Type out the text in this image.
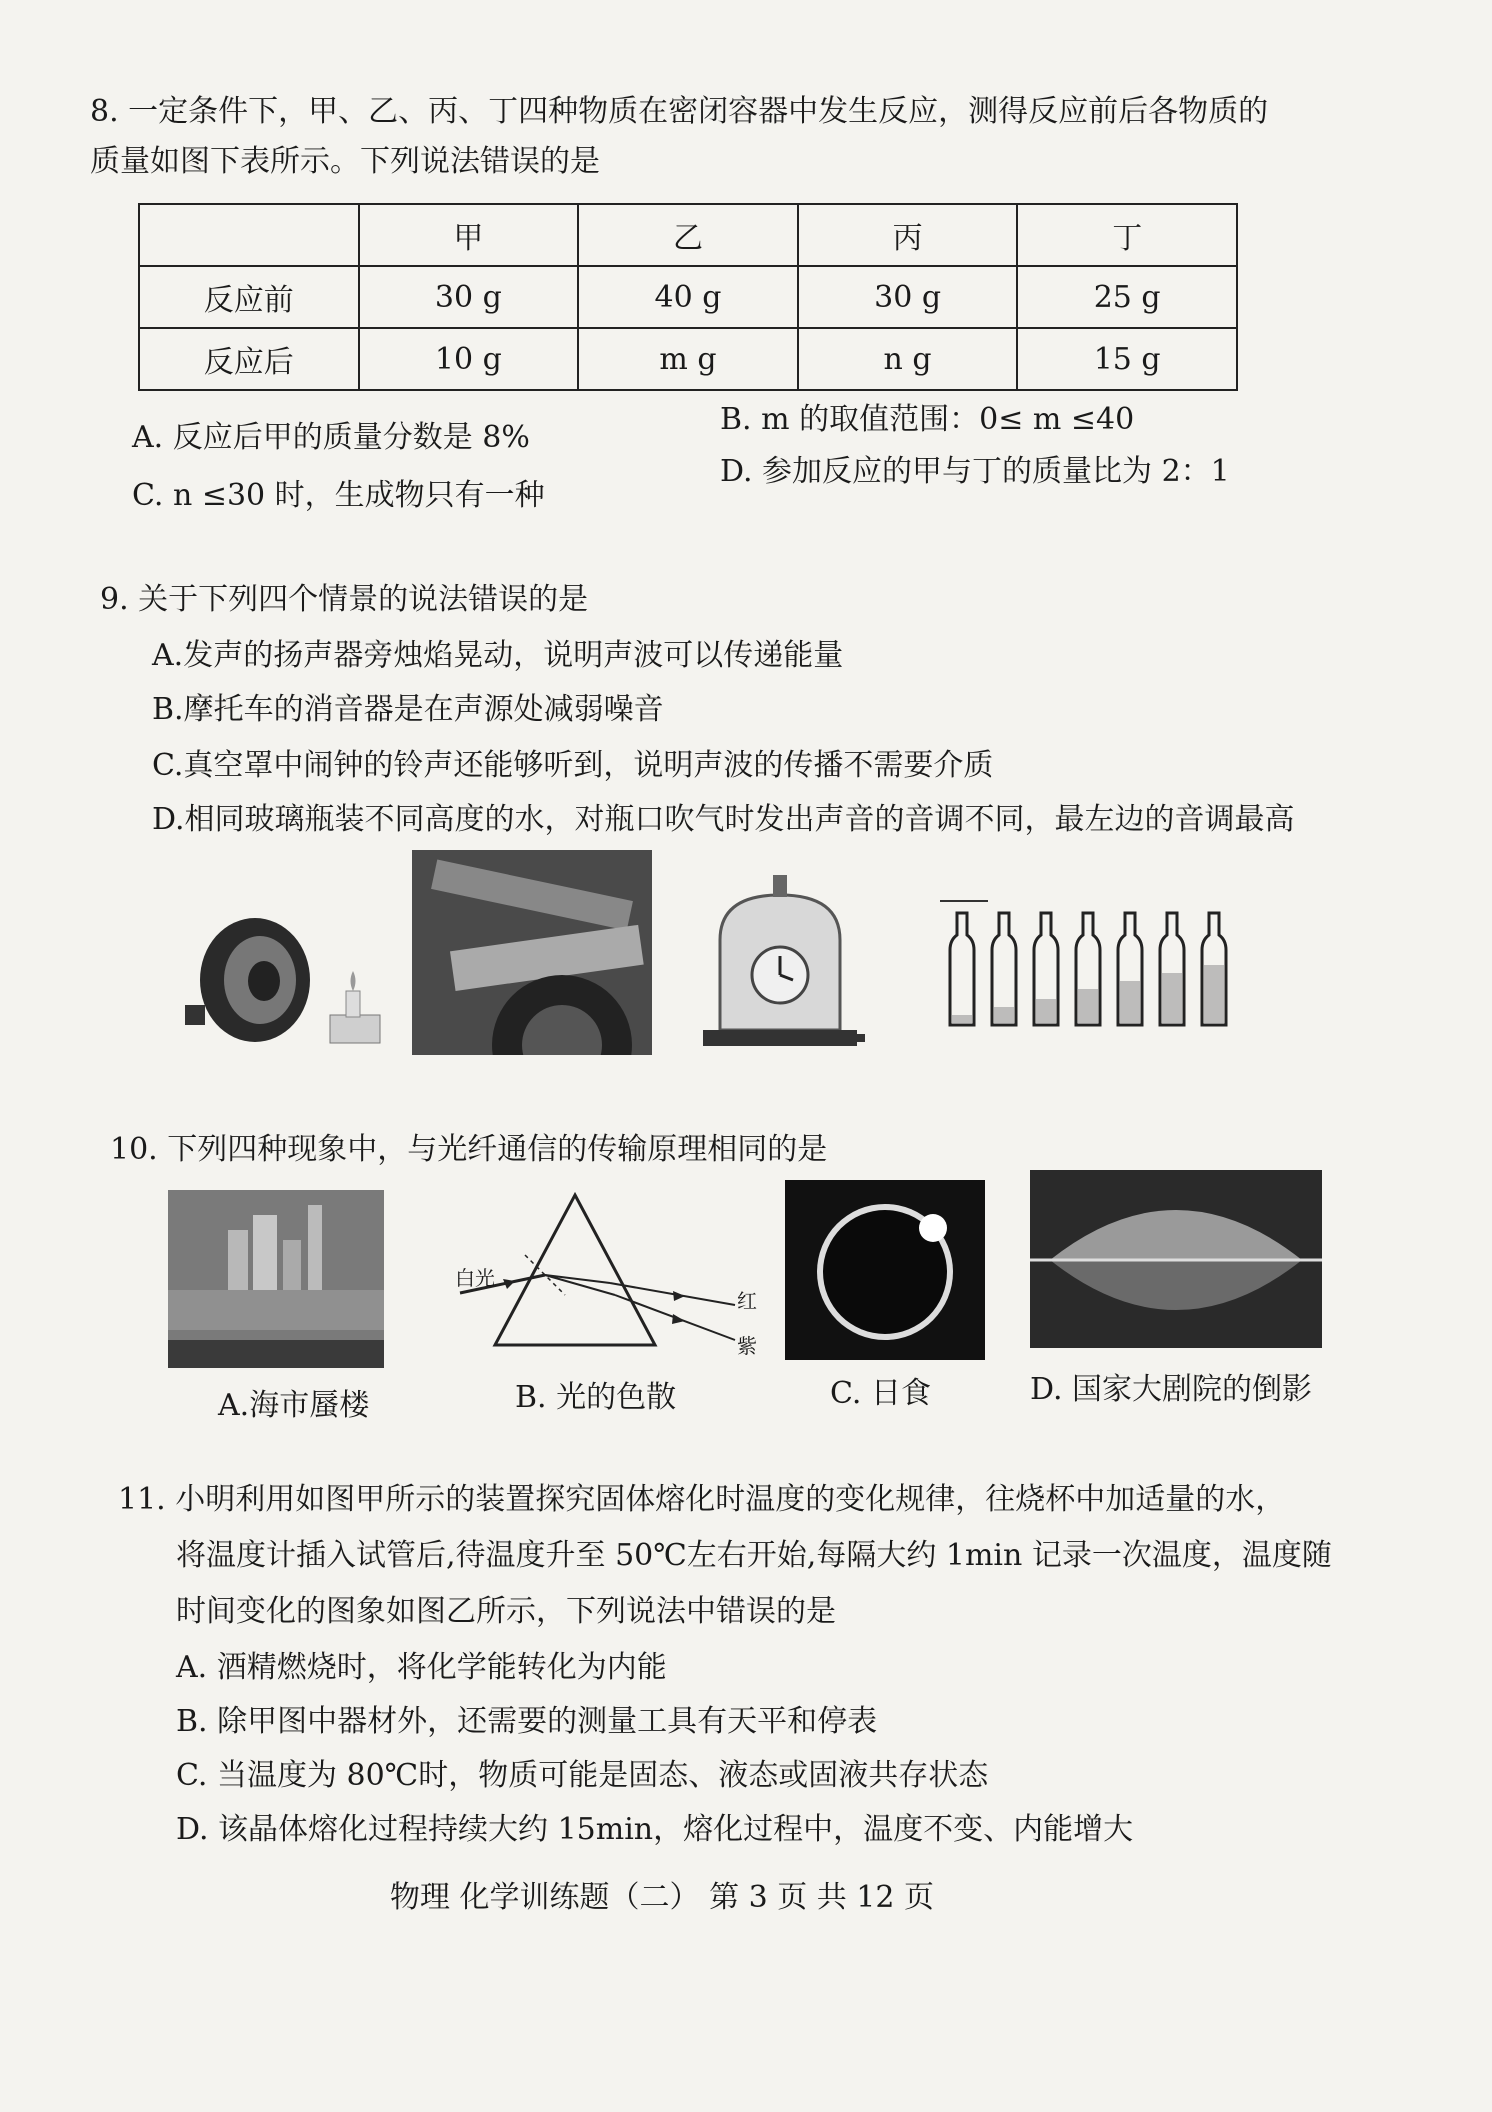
8. 一定条件下，甲、乙、丙、丁四种物质在密闭容器中发生反应，测得反应前后各物质的
质量如图下表所示。下列说法错误的是
	甲	乙	丙	丁
反应前	30 g	40 g	30 g	25 g
反应后	10 g	m g	n g	15 g
A. 反应后甲的质量分数是 8%
B. m 的取值范围：0≤ m ≤40
C. n ≤30 时，生成物只有一种
D. 参加反应的甲与丁的质量比为 2：1
9. 关于下列四个情景的说法错误的是
A.发声的扬声器旁烛焰晃动，说明声波可以传递能量
B.摩托车的消音器是在声源处减弱噪音
C.真空罩中闹钟的铃声还能够听到，说明声波的传播不需要介质
D.相同玻璃瓶装不同高度的水，对瓶口吹气时发出声音的音调不同，最左边的音调最高
10. 下列四种现象中，与光纤通信的传输原理相同的是
白光
红
紫
A.海市蜃楼	B. 光的色散	C. 日食	D. 国家大剧院的倒影
11. 小明利用如图甲所示的装置探究固体熔化时温度的变化规律，往烧杯中加适量的水，
将温度计插入试管后,待温度升至 50℃左右开始,每隔大约 1min 记录一次温度，温度随
时间变化的图象如图乙所示，下列说法中错误的是
A. 酒精燃烧时，将化学能转化为内能
B. 除甲图中器材外，还需要的测量工具有天平和停表
C. 当温度为 80℃时，物质可能是固态、液态或固液共存状态
D. 该晶体熔化过程持续大约 15min，熔化过程中，温度不变、内能增大
物理 化学训练题（二） 第 3 页 共 12 页
